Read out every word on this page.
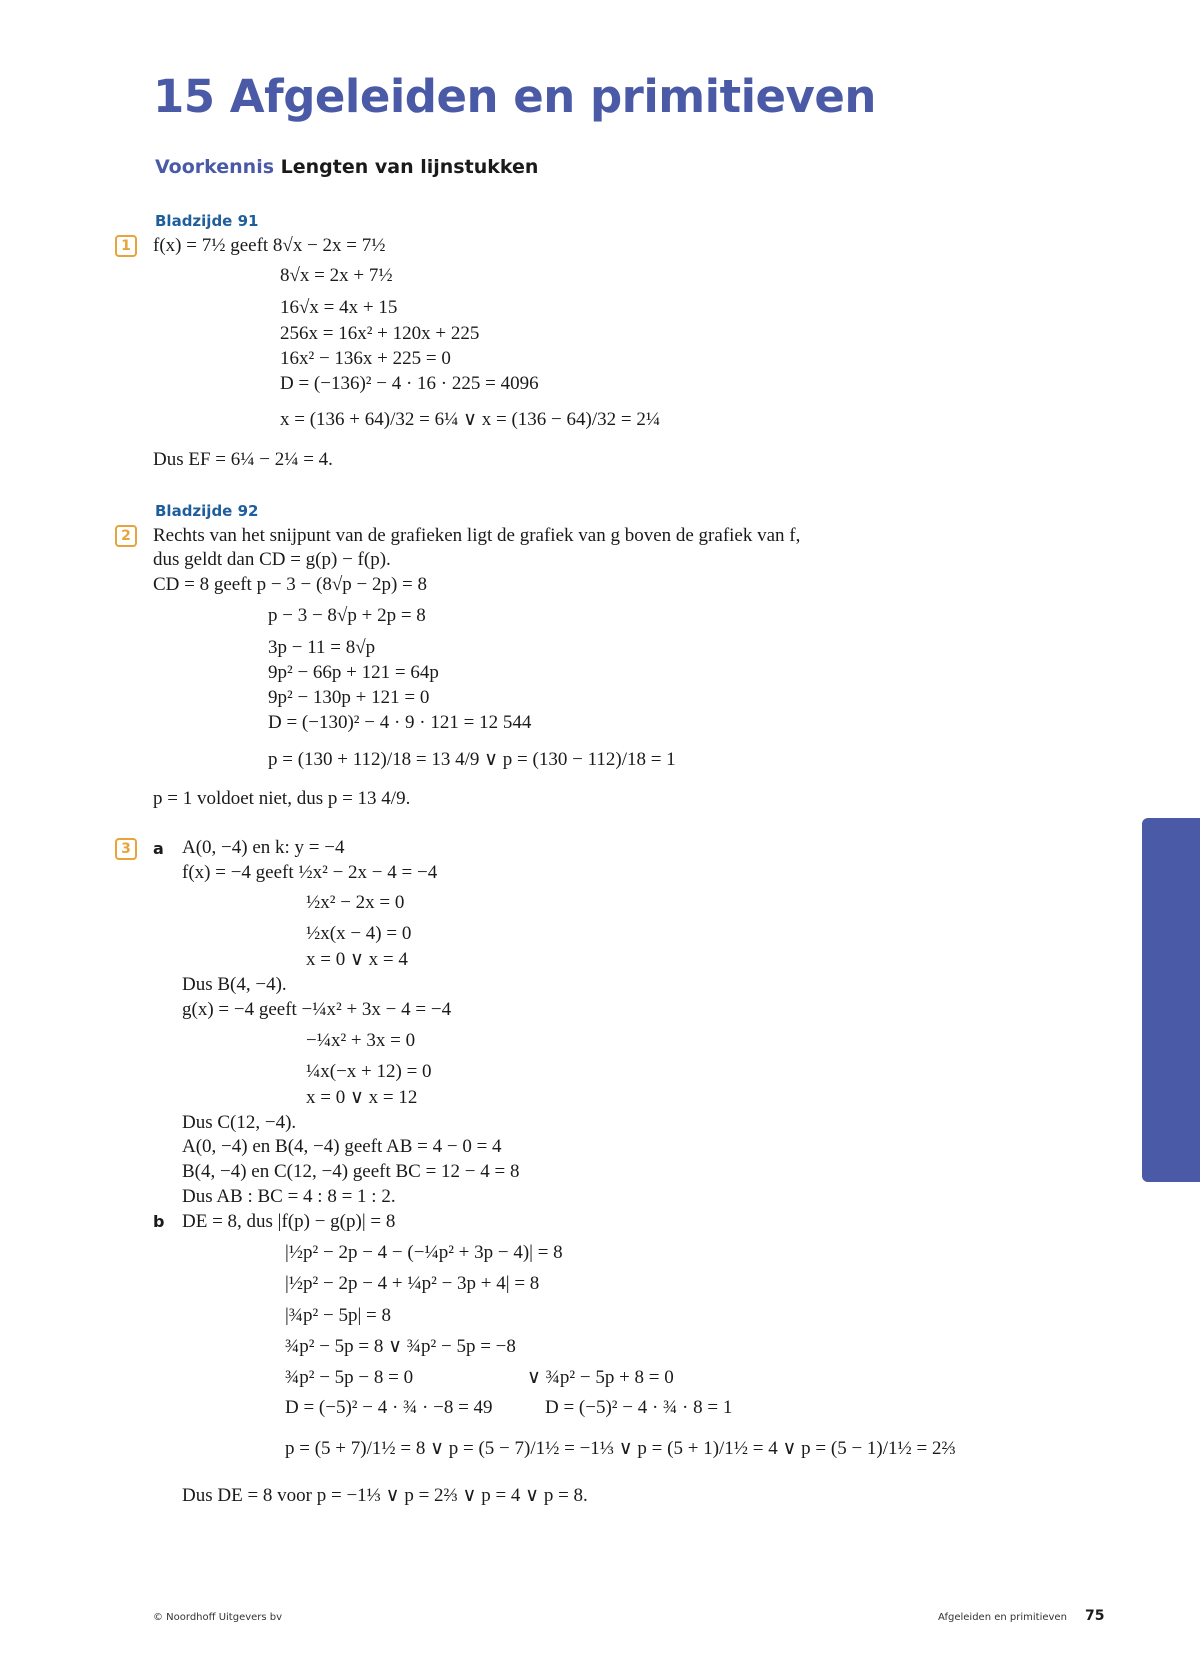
15 Afgeleiden en primitieven
Voorkennis Lengten van lijnstukken
Bladzijde 91
1	f(x) = 7½ geeft 8√x − 2x = 7½
8√x = 2x + 7½
16√x = 4x + 15
256x = 16x² + 120x + 225
16x² − 136x + 225 = 0
D = (−136)² − 4 · 16 · 225 = 4096
x = (136 + 64)/32 = 6¼ ∨ x = (136 − 64)/32 = 2¼
Dus EF = 6¼ − 2¼ = 4.
Bladzijde 92
2	Rechts van het snijpunt van de grafieken ligt de grafiek van g boven de grafiek van f,
dus geldt dan CD = g(p) − f(p).
CD = 8 geeft p − 3 − (8√p − 2p) = 8
p − 3 − 8√p + 2p = 8
3p − 11 = 8√p
9p² − 66p + 121 = 64p
9p² − 130p + 121 = 0
D = (−130)² − 4 · 9 · 121 = 12 544
p = (130 + 112)/18 = 13 4/9 ∨ p = (130 − 112)/18 = 1
p = 1 voldoet niet, dus p = 13 4/9.
3	a A(0, −4) en k: y = −4
f(x) = −4 geeft ½x² − 2x − 4 = −4
½x² − 2x = 0
½x(x − 4) = 0
x = 0 ∨ x = 4
Dus B(4, −4).
g(x) = −4 geeft −¼x² + 3x − 4 = −4
−¼x² + 3x = 0
¼x(−x + 12) = 0
x = 0 ∨ x = 12
Dus C(12, −4).
A(0, −4) en B(4, −4) geeft AB = 4 − 0 = 4
B(4, −4) en C(12, −4) geeft BC = 12 − 4 = 8
Dus AB : BC = 4 : 8 = 1 : 2.
b DE = 8, dus |f(p) − g(p)| = 8
|½p² − 2p − 4 − (−¼p² + 3p − 4)| = 8
|½p² − 2p − 4 + ¼p² − 3p + 4| = 8
|¾p² − 5p| = 8
¾p² − 5p = 8 ∨ ¾p² − 5p = −8
¾p² − 5p − 8 = 0	∨ ¾p² − 5p + 8 = 0
D = (−5)² − 4 · ¾ · −8 = 49	D = (−5)² − 4 · ¾ · 8 = 1
p = (5 + 7)/1½ = 8 ∨ p = (5 − 7)/1½ = −1⅓ ∨ p = (5 + 1)/1½ = 4 ∨ p = (5 − 1)/1½ = 2⅔
Dus DE = 8 voor p = −1⅓ ∨ p = 2⅔ ∨ p = 4 ∨ p = 8.
© Noordhoff Uitgevers bv	Afgeleiden en primitieven 75
